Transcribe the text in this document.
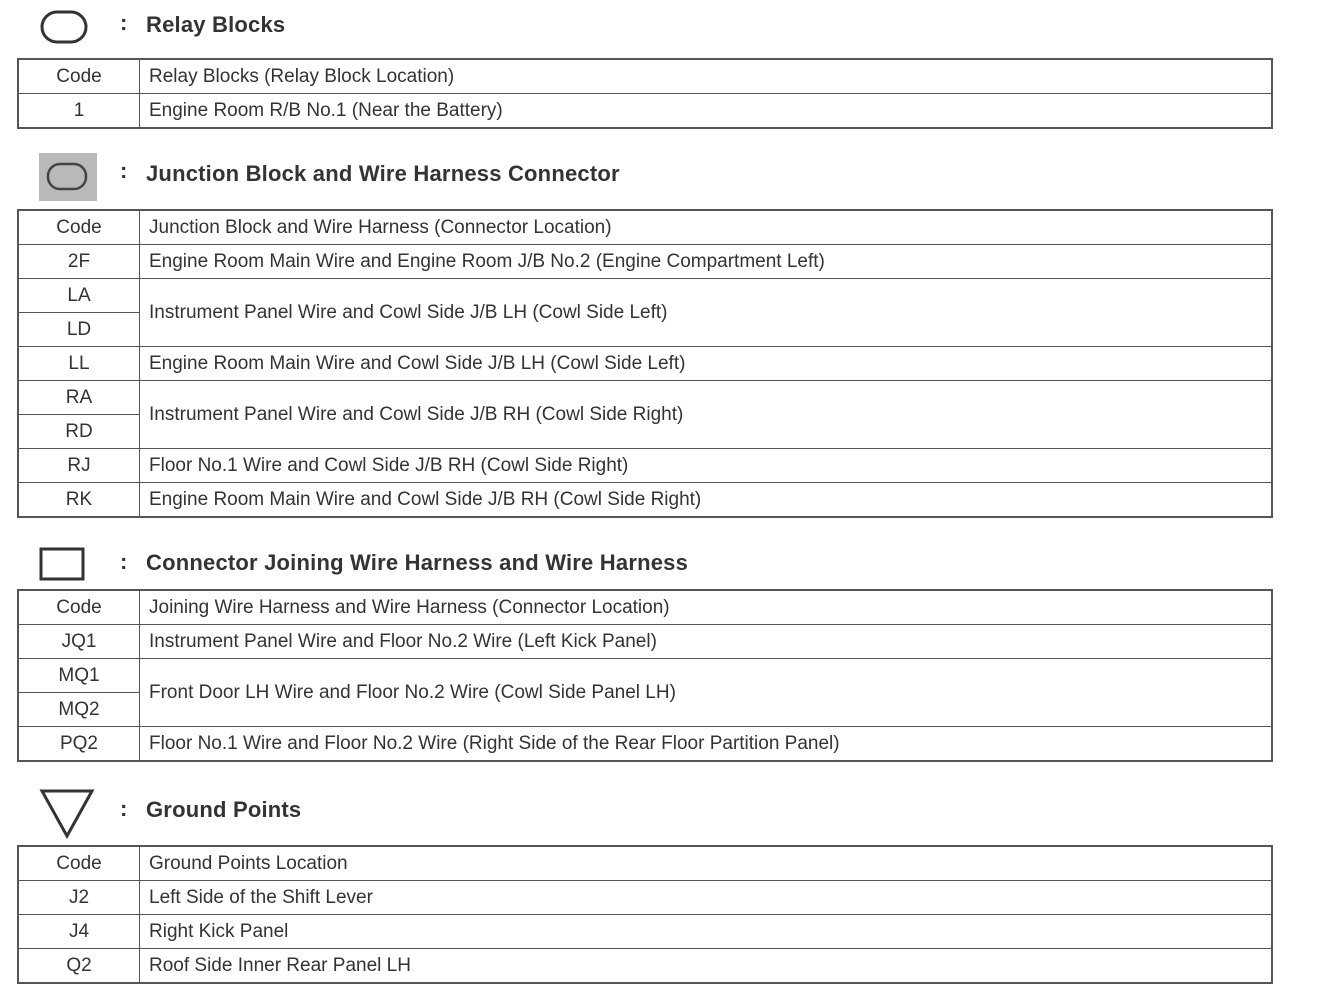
: Relay Blocks
Code	Relay Blocks (Relay Block Location)
1	Engine Room R/B No.1 (Near the Battery)
: Junction Block and Wire Harness Connector
Code	Junction Block and Wire Harness (Connector Location)
2F	Engine Room Main Wire and Engine Room J/B No.2 (Engine Compartment Left)
LA	Instrument Panel Wire and Cowl Side J/B LH (Cowl Side Left)
LD	
LL	Engine Room Main Wire and Cowl Side J/B LH (Cowl Side Left)
RA	Instrument Panel Wire and Cowl Side J/B RH (Cowl Side Right)
RD	
RJ	Floor No.1 Wire and Cowl Side J/B RH (Cowl Side Right)
RK	Engine Room Main Wire and Cowl Side J/B RH (Cowl Side Right)
: Connector Joining Wire Harness and Wire Harness
Code	Joining Wire Harness and Wire Harness (Connector Location)
JQ1	Instrument Panel Wire and Floor No.2 Wire (Left Kick Panel)
MQ1	Front Door LH Wire and Floor No.2 Wire (Cowl Side Panel LH)
MQ2	
PQ2	Floor No.1 Wire and Floor No.2 Wire (Right Side of the Rear Floor Partition Panel)
: Ground Points
Code	Ground Points Location
J2	Left Side of the Shift Lever
J4	Right Kick Panel
Q2	Roof Side Inner Rear Panel LH
